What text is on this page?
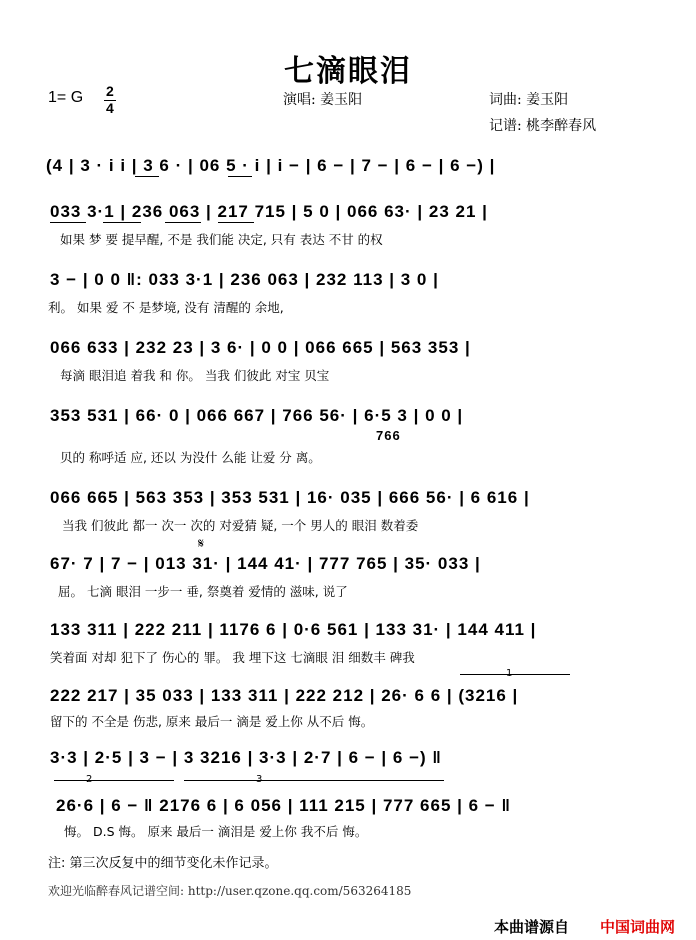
七滴眼泪
1= G 2
4	演唱: 姜玉阳	词曲: 姜玉阳
记谱: 桃李醉春风
(4 | 3 · i i | 3 6 · | 06 5 · i | i − | 6 − | 7 − | 6 − | 6 −) |
033 3·1 | 236 063 | 217 715 | 5 0 | 066 63· | 23 21 |
如果 梦 要 提早醒, 不是 我们能 决定, 只有 表达 不甘 的权
3 − | 0 0 ‖: 033 3·1 | 236 063 | 232 113 | 3 0 |
利。 如果 爱 不 是梦境, 没有 清醒的 余地,
066 633 | 232 23 | 3 6· | 0 0 | 066 665 | 563 353 |
每滴 眼泪追 着我 和 你。 当我 们彼此 对宝 贝宝
353 531 | 66· 0 | 066 667 | 766 56· | 6·5 3 | 0 0 |
766
贝的 称呼适 应, 还以 为没什 么能 让爱 分 离。
066 665 | 563 353 | 353 531 | 16· 035 | 666 56· | 6 616 |
当我 们彼此 都一 次一 次的 对爱猜 疑, 一个 男人的 眼泪 数着委
𝄋
67· 7 | 7 − | 013 31· | 144 41· | 777 765 | 35· 033 |
屈。 七滴 眼泪 一步一 垂, 祭奠着 爱情的 滋味, 说了
133 311 | 222 211 | 1176 6 | 0·6 561 | 133 31· | 144 411 |
笑着面 对却 犯下了 伤心的 罪。 我 埋下这 七滴眼 泪 细数丰 碑我
222 217 | 35 033 | 133 311 | 222 212 | 26· 6 6 | (3216 |
留下的 不全是 伤悲, 原来 最后一 滴是 爱上你 从不后 悔。
3·3 | 2·5 | 3 − | 3 3216 | 3·3 | 2·7 | 6 − | 6 −) ‖
26·6 | 6 − ‖ 2176 6 | 6 056 | 111 215 | 777 665 | 6 − ‖
悔。 D.S 悔。 原来 最后一 滴泪是 爱上你 我不后 悔。
注: 第三次反复中的细节变化未作记录。
欢迎光临醉春风记谱空间: http://user.qzone.qq.com/563264185
本曲谱源自 中国词曲网
